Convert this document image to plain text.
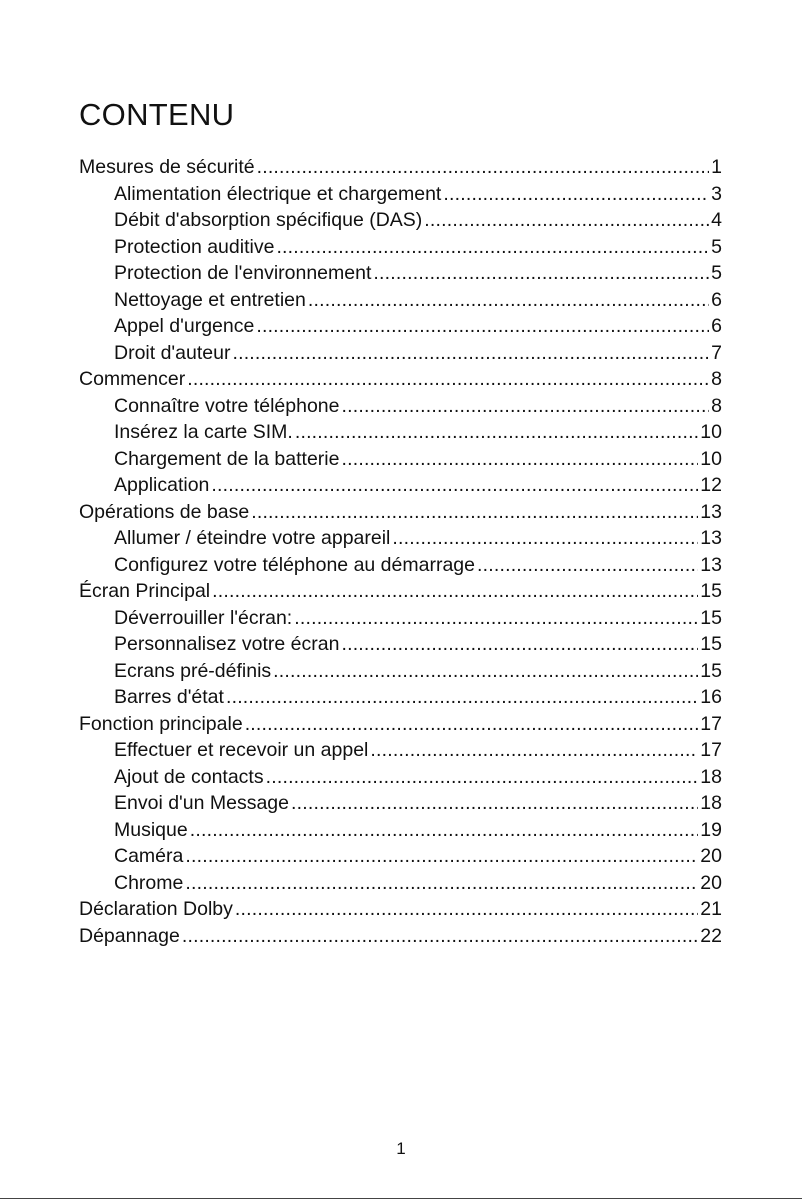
CONTENU
Mesures de sécurité .....	1
Alimentation électrique et chargement .....	3
Débit d'absorption spécifique (DAS) .....	4
Protection auditive .....	5
Protection de l'environnement .....	5
Nettoyage et entretien .....	6
Appel d'urgence .....	6
Droit d'auteur .....	7
Commencer .....	8
Connaître votre téléphone .....	8
Insérez la carte SIM. .....	10
Chargement de la batterie .....	10
Application .....	12
Opérations de base .....	13
Allumer / éteindre votre appareil .....	13
Configurez votre téléphone au démarrage .....	13
Écran Principal .....	15
Déverrouiller l'écran: .....	15
Personnalisez votre écran .....	15
Ecrans pré-définis .....	15
Barres d'état .....	16
Fonction principale .....	17
Effectuer et recevoir un appel .....	17
Ajout de contacts .....	18
Envoi d'un Message .....	18
Musique .....	19
Caméra .....	20
Chrome .....	20
Déclaration Dolby .....	21
Dépannage .....	22
1
